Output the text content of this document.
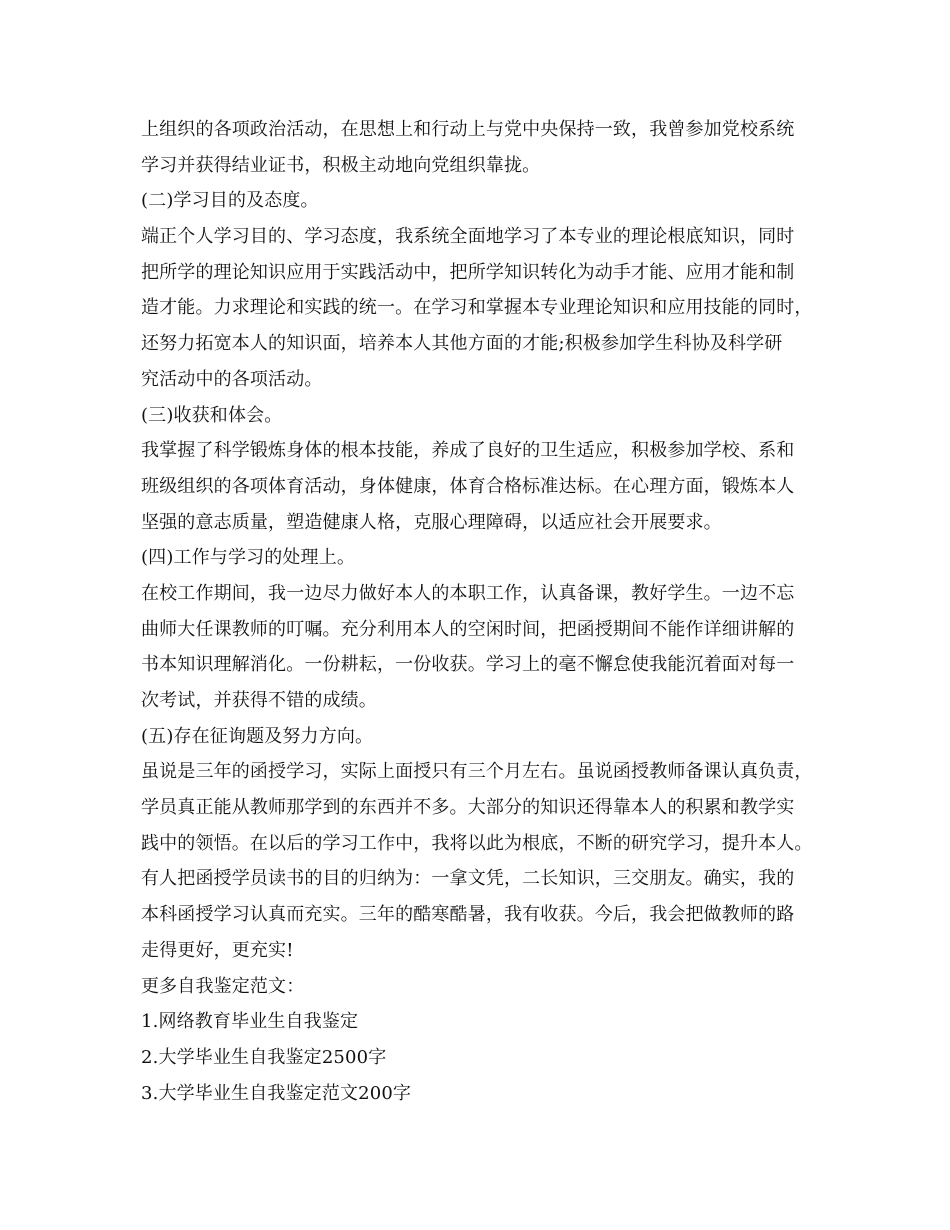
上组织的各项政治活动，在思想上和行动上与党中央保持一致，我曾参加党校系统
学习并获得结业证书，积极主动地向党组织靠拢。
(二)学习目的及态度。
端正个人学习目的、学习态度，我系统全面地学习了本专业的理论根底知识，同时
把所学的理论知识应用于实践活动中，把所学知识转化为动手才能、应用才能和制
造才能。力求理论和实践的统一。在学习和掌握本专业理论知识和应用技能的同时，
还努力拓宽本人的知识面，培养本人其他方面的才能;积极参加学生科协及科学研
究活动中的各项活动。
(三)收获和体会。
我掌握了科学锻炼身体的根本技能，养成了良好的卫生适应，积极参加学校、系和
班级组织的各项体育活动，身体健康，体育合格标准达标。在心理方面，锻炼本人
坚强的意志质量，塑造健康人格，克服心理障碍，以适应社会开展要求。
(四)工作与学习的处理上。
在校工作期间，我一边尽力做好本人的本职工作，认真备课，教好学生。一边不忘
曲师大任课教师的叮嘱。充分利用本人的空闲时间，把函授期间不能作详细讲解的
书本知识理解消化。一份耕耘，一份收获。学习上的毫不懈怠使我能沉着面对每一
次考试，并获得不错的成绩。
(五)存在征询题及努力方向。
虽说是三年的函授学习，实际上面授只有三个月左右。虽说函授教师备课认真负责，
学员真正能从教师那学到的东西并不多。大部分的知识还得靠本人的积累和教学实
践中的领悟。在以后的学习工作中，我将以此为根底，不断的研究学习，提升本人。
有人把函授学员读书的目的归纳为：一拿文凭，二长知识，三交朋友。确实，我的
本科函授学习认真而充实。三年的酷寒酷暑，我有收获。今后，我会把做教师的路
走得更好，更充实!
更多自我鉴定范文：
1.网络教育毕业生自我鉴定
2.大学毕业生自我鉴定2500字
3.大学毕业生自我鉴定范文200字
